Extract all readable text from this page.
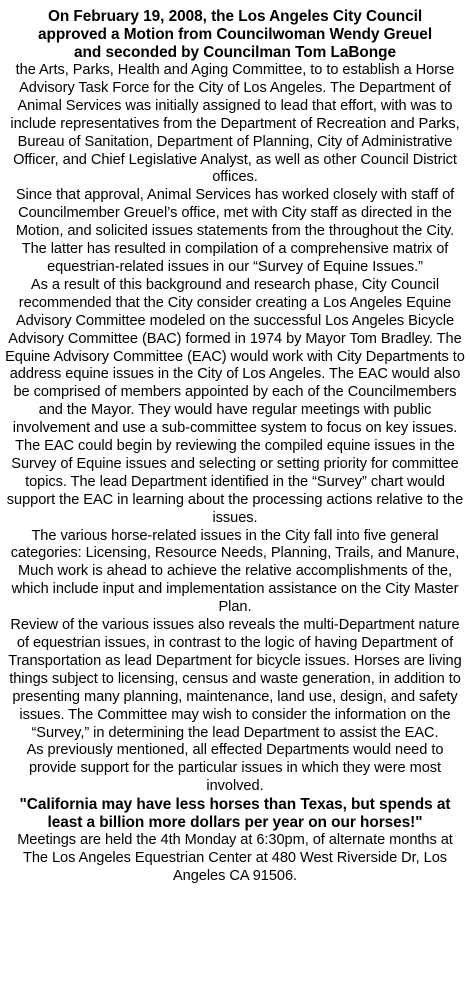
On February 19, 2008, the Los Angeles City Council approved a Motion from Councilwoman Wendy Greuel and seconded by Councilman Tom LaBonge

the Arts, Parks, Health and Aging Committee, to to establish a Horse Advisory Task Force for the City of Los Angeles. The Department of Animal Services was initially assigned to lead that effort, with was to include representatives from the Department of Recreation and Parks, Bureau of Sanitation, Department of Planning, City of Administrative Officer, and Chief Legislative Analyst, as well as other Council District offices.

Since that approval, Animal Services has worked closely with staff of Councilmember Greuel’s office, met with City staff as directed in the Motion, and solicited issues statements from the throughout the City. The latter has resulted in compilation of a comprehensive matrix of equestrian-related issues in our “Survey of Equine Issues.”

As a result of this background and research phase, City Council recommended that the City consider creating a Los Angeles Equine Advisory Committee modeled on the successful Los Angeles Bicycle Advisory Committee (BAC) formed in 1974 by Mayor Tom Bradley. The Equine Advisory Committee (EAC) would work with City Departments to address equine issues in the City of Los Angeles. The EAC would also be comprised of members appointed by each of the Councilmembers and the Mayor. They would have regular meetings with public involvement and use a sub-committee system to focus on key issues.

The EAC could begin by reviewing the compiled equine issues in the Survey of Equine issues and selecting or setting priority for committee topics. The lead Department identified in the “Survey” chart would support the EAC in learning about the processing actions relative to the issues.

The various horse-related issues in the City fall into five general categories: Licensing, Resource Needs, Planning, Trails, and Manure, Much work is ahead to achieve the relative accomplishments of the, which include input and implementation assistance on the City Master Plan.

Review of the various issues also reveals the multi-Department nature of equestrian issues, in contrast to the logic of having Department of Transportation as lead Department for bicycle issues. Horses are living things subject to licensing, census and waste generation, in addition to presenting many planning, maintenance, land use, design, and safety issues. The Committee may wish to consider the information on the “Survey,” in determining the lead Department to assist the EAC.

As previously mentioned, all effected Departments would need to provide support for the particular issues in which they were most involved.

"California may have less horses than Texas, but spends at least a billion more dollars per year on our horses!"

Meetings are held the 4th Monday at 6:30pm, of alternate months at The Los Angeles Equestrian Center at 480 West Riverside Dr, Los Angeles CA 91506.
